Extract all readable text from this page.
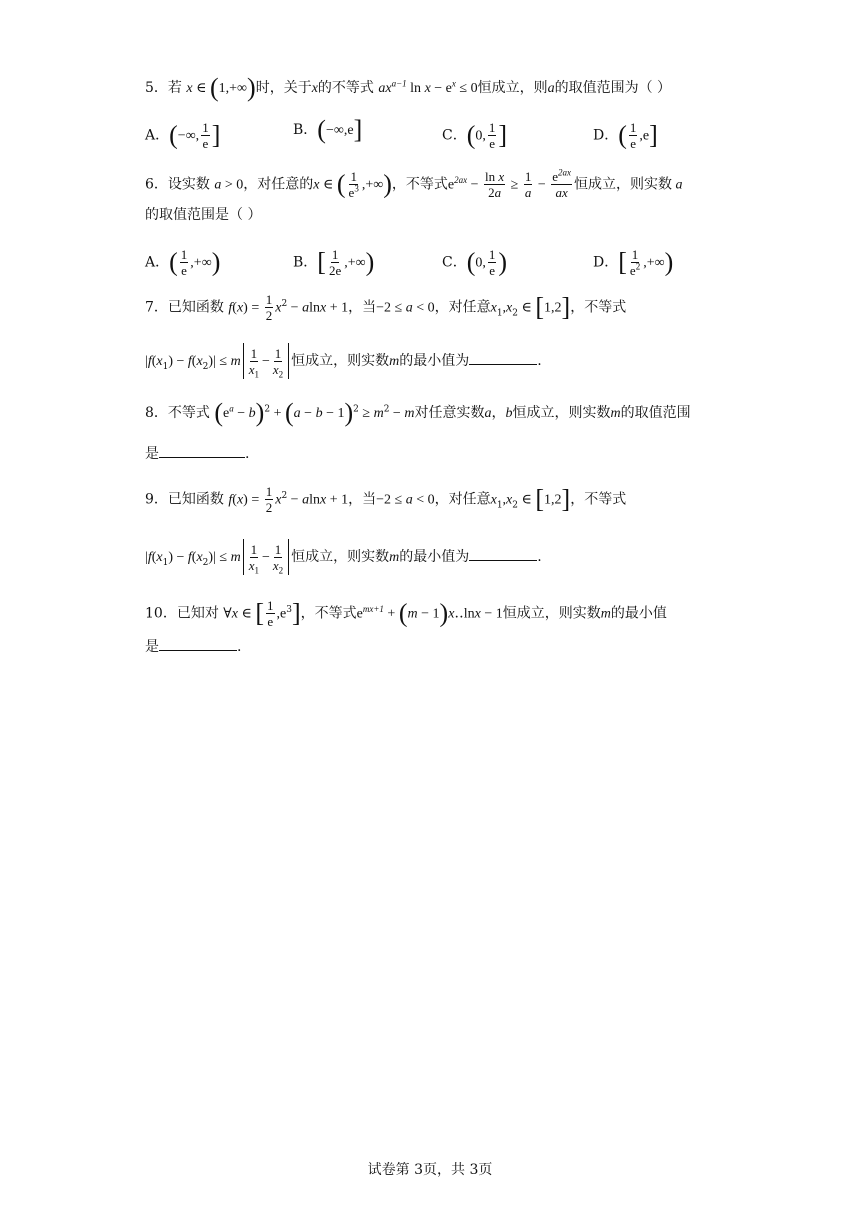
5．若 x ∈ (1,+∞)时，关于x的不等式 $ax^{a-1}$ $\ln x - e^x \le 0$恒成立，则a的取值范围为（ ）
A．(−∞, $\frac{1}{e}$ ]	B．(−∞,e]	C．(0, $\frac{1}{e}$ ]	D．( $\frac{1}{e} ,e$]
6．设实数 a > 0，对任意的x ∈ ( $\frac{1}{e^3}$ ,+∞)，不等式$e^{2ax} - \frac{\text{ln x}}{2a} \ge \frac{1}{a} - \frac{e^{2ax}}{ax}$ 恒成立，则实数 a
的取值范围是（ ）
A．( $\frac{1}{e}$ ,+∞)	B．[ $\frac{1}{2e}$ ,+∞)	C．(0, $\frac{1}{e}$ )	D．[ $\frac{1}{e^2}$ ,+∞)
7．已知函数 $f(x) = \frac{1}{2} x^2 - alnx + 1$，当−2 ≤ a < 0，对任意$x_1,x_2$ ∈ [1,2]，不等式
$|f(x_1) - f(x_2)| \le m \frac{1}{x_1} - \frac{1}{x_2}$ 恒成立，则实数m的最小值为	.
8．不等式 $(e^a - b)^2 + (a - b - 1)^2 \ge m^2 - m$对任意实数a，b恒成立，则实数m的取值范围
是	.
9．已知函数 $f(x) = \frac{1}{2} x^2 - alnx + 1$，当−2 ≤ a < 0，对任意$x_1,x_2$ ∈ [1,2]，不等式
$|f(x_1) - f(x_2)| \le m \frac{1}{x_1} - \frac{1}{x_2}$ 恒成立，则实数m的最小值为	.
10．已知对 ∀x ∈ [ $\frac{1}{e} ,e^3$]，不等式$e^{mx+1} + (m$ − 1)x‥lnx − 1恒成立，则实数m的最小值
是	.
试卷第 3页，共 3页
